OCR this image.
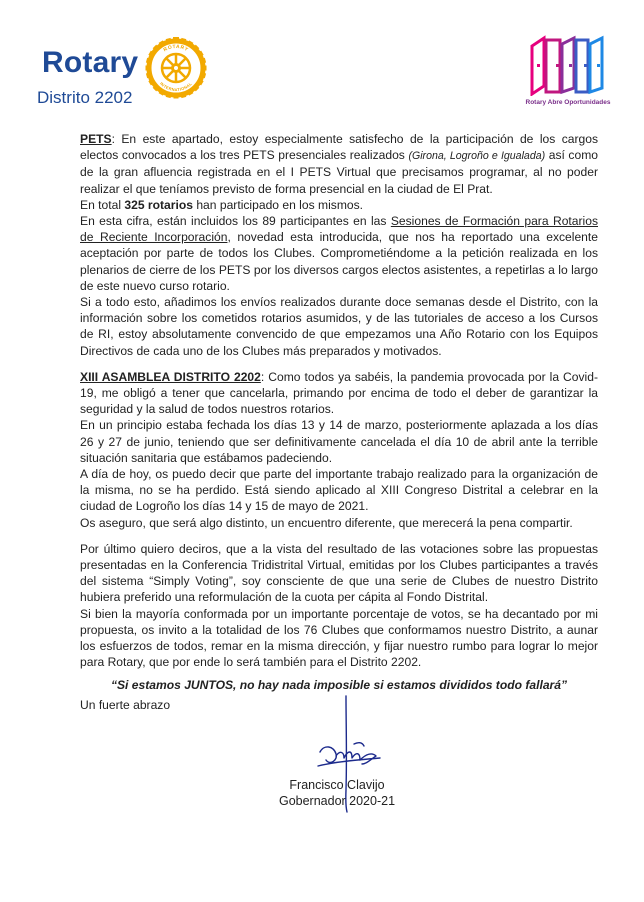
Rotary
Distrito 2202
ROTARY
INTERNATIONAL
Rotary Abre Oportunidades

PETS: En este apartado, estoy especialmente satisfecho de la participación de los cargos electos convocados a los tres PETS presenciales realizados (Girona, Logroño e Igualada) así como de la gran afluencia registrada en el I PETS Virtual que precisamos programar, al no poder realizar el que teníamos previsto de forma presencial en la ciudad de El Prat.

En total 325 rotarios han participado en los mismos.

En esta cifra, están incluidos los 89 participantes en las Sesiones de Formación para Rotarios de Reciente Incorporación, novedad esta introducida, que nos ha reportado una excelente aceptación por parte de todos los Clubes. Comprometiéndome a la petición realizada en los plenarios de cierre de los PETS por los diversos cargos electos asistentes, a repetirlas a lo largo de este nuevo curso rotario.

Si a todo esto, añadimos los envíos realizados durante doce semanas desde el Distrito, con la información sobre los cometidos rotarios asumidos, y de las tutoriales de acceso a los Cursos de RI, estoy absolutamente convencido de que empezamos una Año Rotario con los Equipos Directivos de cada uno de los Clubes más preparados y motivados.

XIII ASAMBLEA DISTRITO 2202: Como todos ya sabéis, la pandemia provocada por la Covid-19, me obligó a tener que cancelarla, primando por encima de todo el deber de garantizar la seguridad y la salud de todos nuestros rotarios.

En un principio estaba fechada los días 13 y 14 de marzo, posteriormente aplazada a los días 26 y 27 de junio, teniendo que ser definitivamente cancelada el día 10 de abril ante la terrible situación sanitaria que estábamos padeciendo.

A día de hoy, os puedo decir que parte del importante trabajo realizado para la organización de la misma, no se ha perdido. Está siendo aplicado al XIII Congreso Distrital a celebrar en la ciudad de Logroño los días 14 y 15 de mayo de 2021.

Os aseguro, que será algo distinto, un encuentro diferente, que merecerá la pena compartir.

Por último quiero deciros, que a la vista del resultado de las votaciones sobre las propuestas presentadas en la Conferencia Tridistrital Virtual, emitidas por los Clubes participantes a través del sistema “Simply Voting”, soy consciente de que una serie de Clubes de nuestro Distrito hubiera preferido una reformulación de la cuota per cápita al Fondo Distrital.

Si bien la mayoría conformada por un importante porcentaje de votos, se ha decantado por mi propuesta, os invito a la totalidad de los 76 Clubes que conformamos nuestro Distrito, a aunar los esfuerzos de todos, remar en la misma dirección, y fijar nuestro rumbo para lograr lo mejor para Rotary, que por ende lo será también para el Distrito 2202.

“Si estamos JUNTOS, no hay nada imposible si estamos divididos todo fallará”

Un fuerte abrazo

Francisco Clavijo
Gobernador 2020-21
